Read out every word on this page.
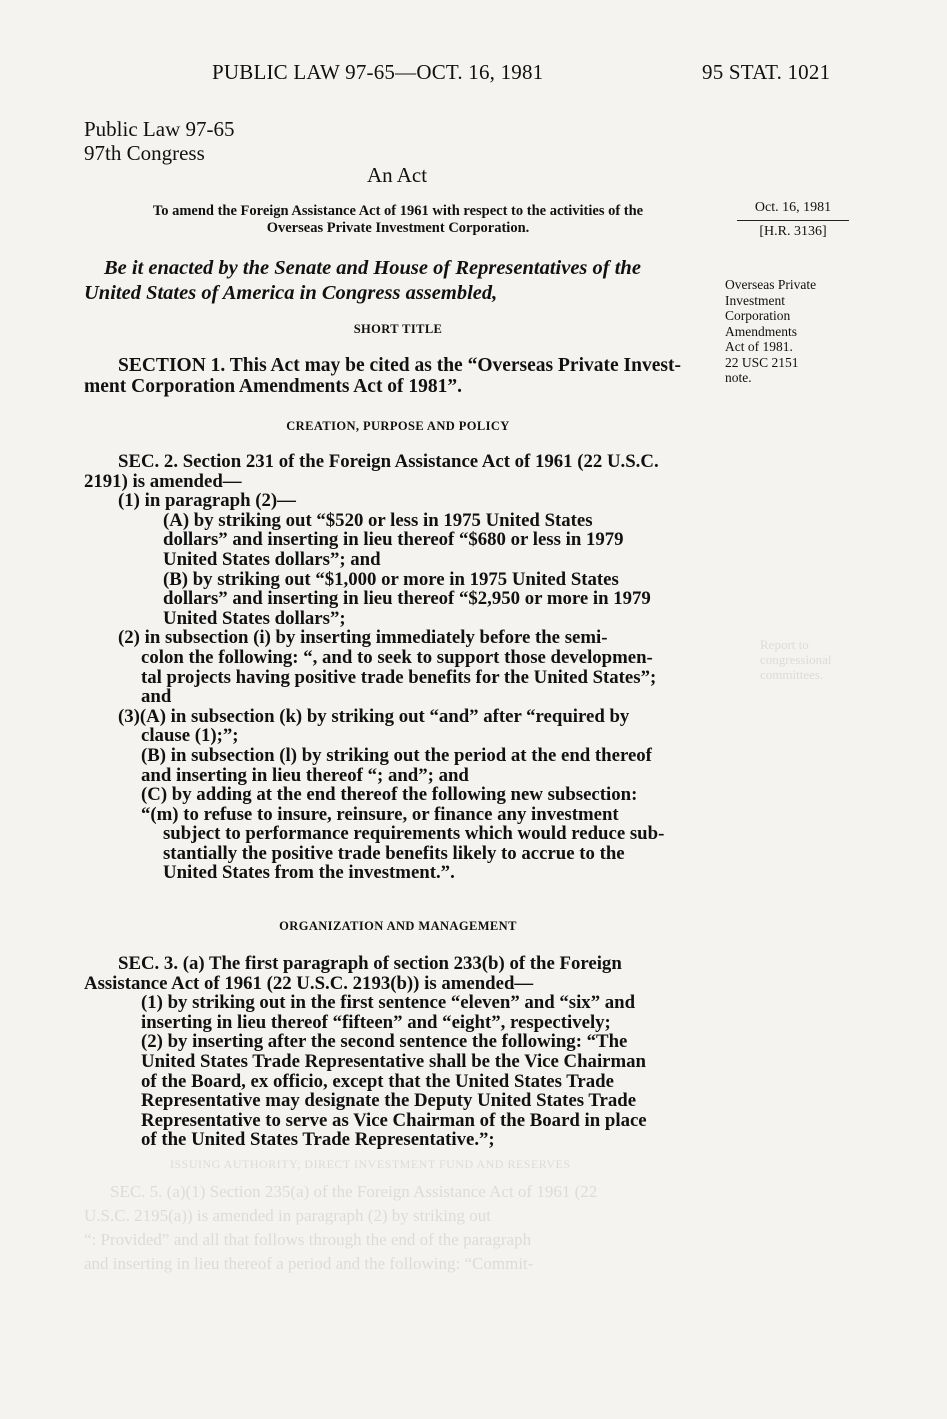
PUBLIC LAW 97-65—OCT. 16, 1981	95 STAT. 1021
Public Law 97-65
97th Congress
An Act
To amend the Foreign Assistance Act of 1961 with respect to the activities of the
Overseas Private Investment Corporation.
Oct. 16, 1981
[H.R. 3136]
Overseas Private
Investment
Corporation
Amendments
Act of 1981.
22 USC 2151
note.
Report to
congressional
committees.
Be it enacted by the Senate and House of Representatives of the
United States of America in Congress assembled,
SHORT TITLE

SECTION 1. This Act may be cited as the “Overseas Private Invest-

ment Corporation Amendments Act of 1981”.

CREATION, PURPOSE AND POLICY

SEC. 2. Section 231 of the Foreign Assistance Act of 1961 (22 U.S.C.

2191) is amended—

(1) in paragraph (2)—

(A) by striking out “$520 or less in 1975 United States

dollars” and inserting in lieu thereof “$680 or less in 1979

United States dollars”; and

(B) by striking out “$1,000 or more in 1975 United States

dollars” and inserting in lieu thereof “$2,950 or more in 1979

United States dollars”;

(2) in subsection (i) by inserting immediately before the semi-

colon the following: “, and to seek to support those developmen-

tal projects having positive trade benefits for the United States”;

and

(3)(A) in subsection (k) by striking out “and” after “required by

clause (1);”;

(B) in subsection (l) by striking out the period at the end thereof

and inserting in lieu thereof “; and”; and

(C) by adding at the end thereof the following new subsection:

“(m) to refuse to insure, reinsure, or finance any investment

subject to performance requirements which would reduce sub-

stantially the positive trade benefits likely to accrue to the

United States from the investment.”.

ORGANIZATION AND MANAGEMENT

SEC. 3. (a) The first paragraph of section 233(b) of the Foreign

Assistance Act of 1961 (22 U.S.C. 2193(b)) is amended—

(1) by striking out in the first sentence “eleven” and “six” and

inserting in lieu thereof “fifteen” and “eight”, respectively;

(2) by inserting after the second sentence the following: “The

United States Trade Representative shall be the Vice Chairman

of the Board, ex officio, except that the United States Trade

Representative may designate the Deputy United States Trade

Representative to serve as Vice Chairman of the Board in place

of the United States Trade Representative.”;

ISSUING AUTHORITY; DIRECT INVESTMENT FUND AND RESERVES
SEC. 5. (a)(1) Section 235(a) of the Foreign Assistance Act of 1961 (22
U.S.C. 2195(a)) is amended in paragraph (2) by striking out
“: Provided” and all that follows through the end of the paragraph
and inserting in lieu thereof a period and the following: “Commit-
